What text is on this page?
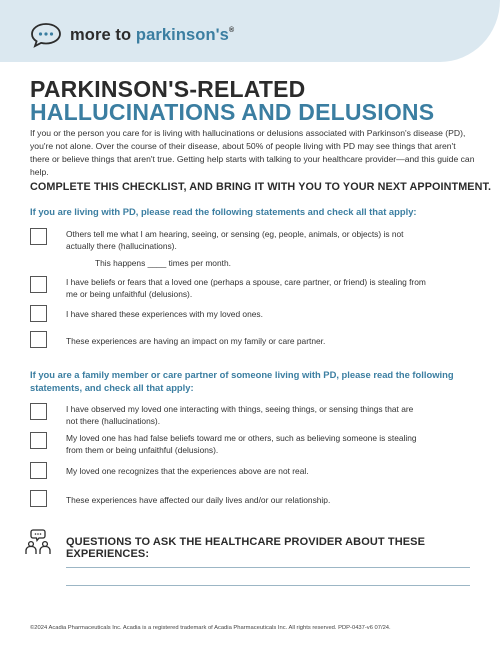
more to parkinson's®
PARKINSON'S-RELATED
HALLUCINATIONS AND DELUSIONS
If you or the person you care for is living with hallucinations or delusions associated with Parkinson's disease (PD), you're not alone. Over the course of their disease, about 50% of people living with PD may see things that aren't there or believe things that aren't true. Getting help starts with talking to your healthcare provider—and this guide can help.
COMPLETE THIS CHECKLIST, AND BRING IT WITH YOU TO YOUR NEXT APPOINTMENT.
If you are living with PD, please read the following statements and check all that apply:
Others tell me what I am hearing, seeing, or sensing (eg, people, animals, or objects) is not actually there (hallucinations).
This happens ____ times per month.
I have beliefs or fears that a loved one (perhaps a spouse, care partner, or friend) is stealing from me or being unfaithful (delusions).
I have shared these experiences with my loved ones.
These experiences are having an impact on my family or care partner.
If you are a family member or care partner of someone living with PD, please read the following statements, and check all that apply:
I have observed my loved one interacting with things, seeing things, or sensing things that are not there (hallucinations).
My loved one has had false beliefs toward me or others, such as believing someone is stealing from them or being unfaithful (delusions).
My loved one recognizes that the experiences above are not real.
These experiences have affected our daily lives and/or our relationship.
QUESTIONS TO ASK THE HEALTHCARE PROVIDER ABOUT THESE EXPERIENCES:
©2024 Acadia Pharmaceuticals Inc. Acadia is a registered trademark of Acadia Pharmaceuticals Inc. All rights reserved. PDP-0437-v6 07/24.
